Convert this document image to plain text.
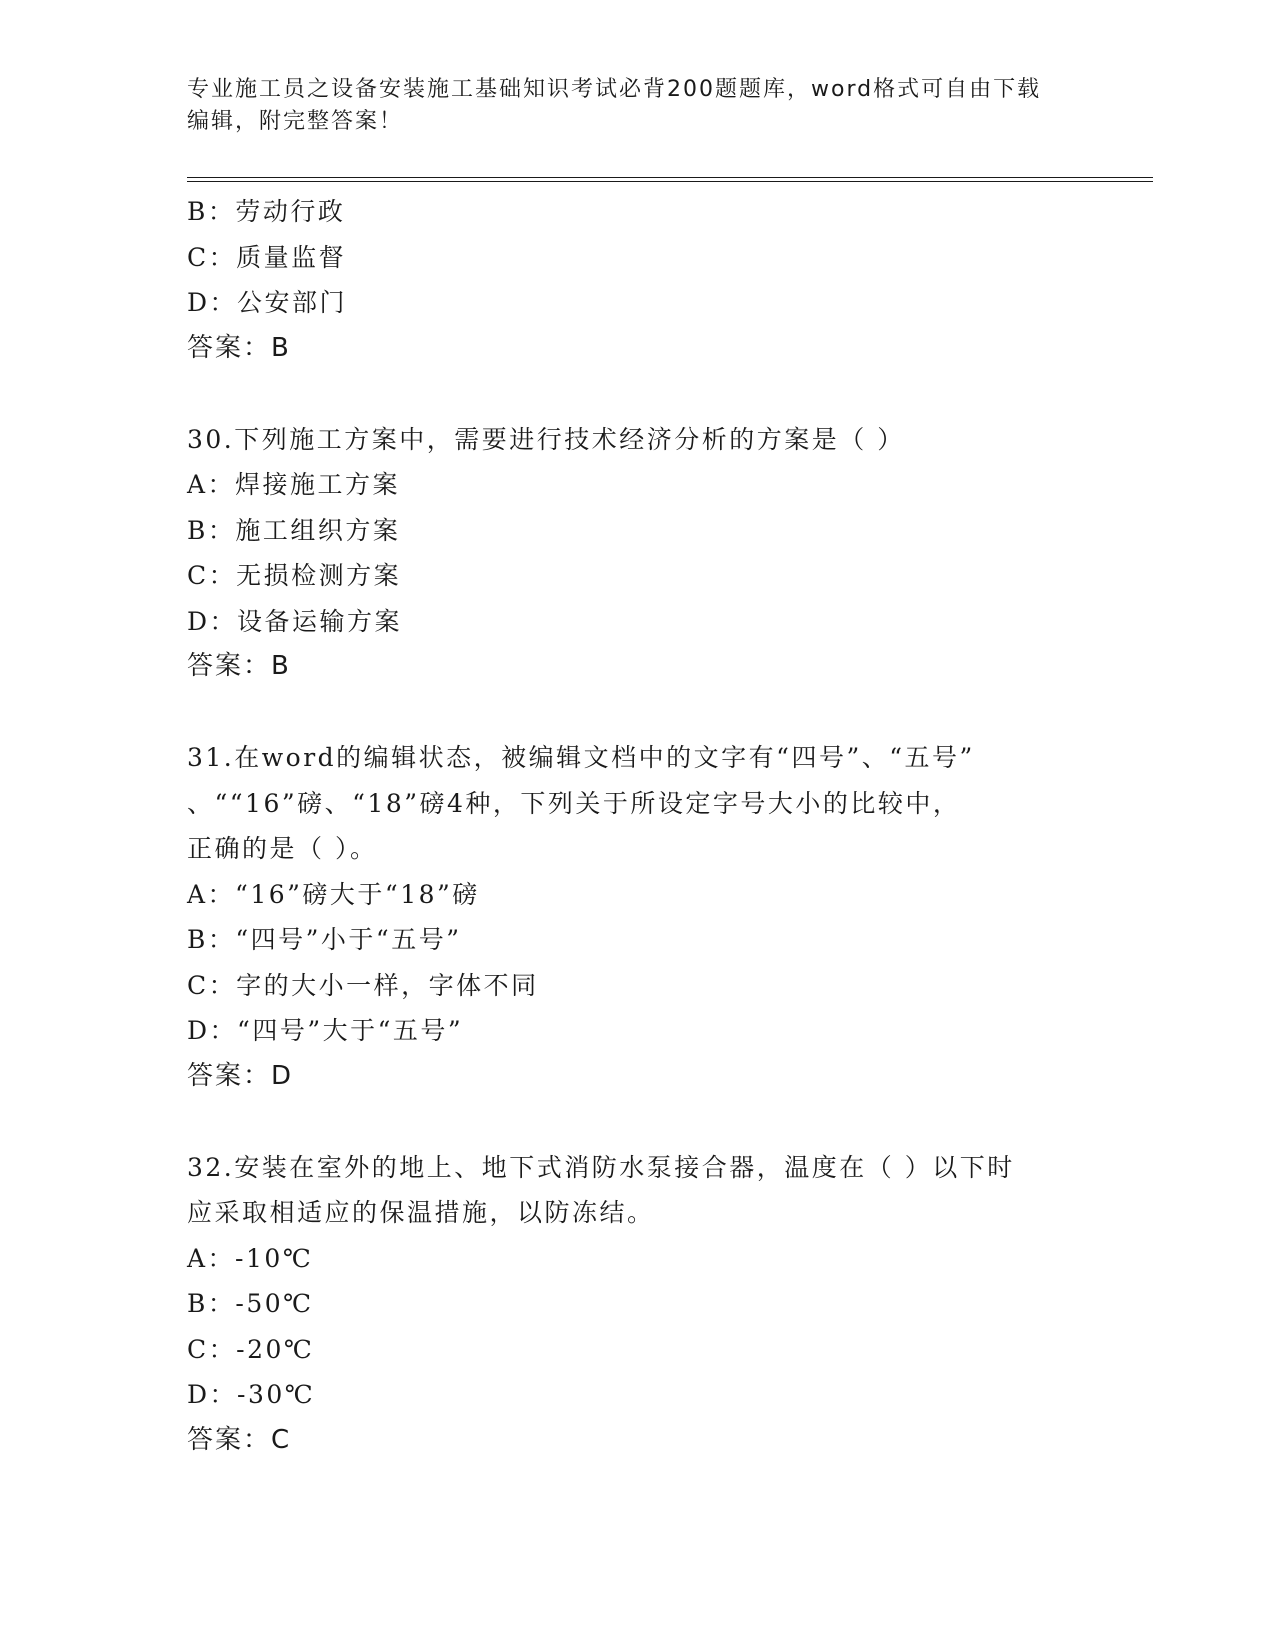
专业施工员之设备安装施工基础知识考试必背200题题库，word格式可自由下载
编辑，附完整答案！
B：劳动行政
C：质量监督
D：公安部门
答案：B
30.下列施工方案中，需要进行技术经济分析的方案是（ ）
A：焊接施工方案
B：施工组织方案
C：无损检测方案
D：设备运输方案
答案：B
31.在word的编辑状态，被编辑文档中的文字有“四号”、“五号”
、““16”磅、“18”磅4种，下列关于所设定字号大小的比较中，
正确的是（ ）。
A：“16”磅大于“18”磅
B：“四号”小于“五号”
C：字的大小一样，字体不同
D：“四号”大于“五号”
答案：D
32.安装在室外的地上、地下式消防水泵接合器，温度在（ ）以下时
应采取相适应的保温措施，以防冻结。
A：-10℃
B：-50℃
C：-20℃
D：-30℃
答案：C
